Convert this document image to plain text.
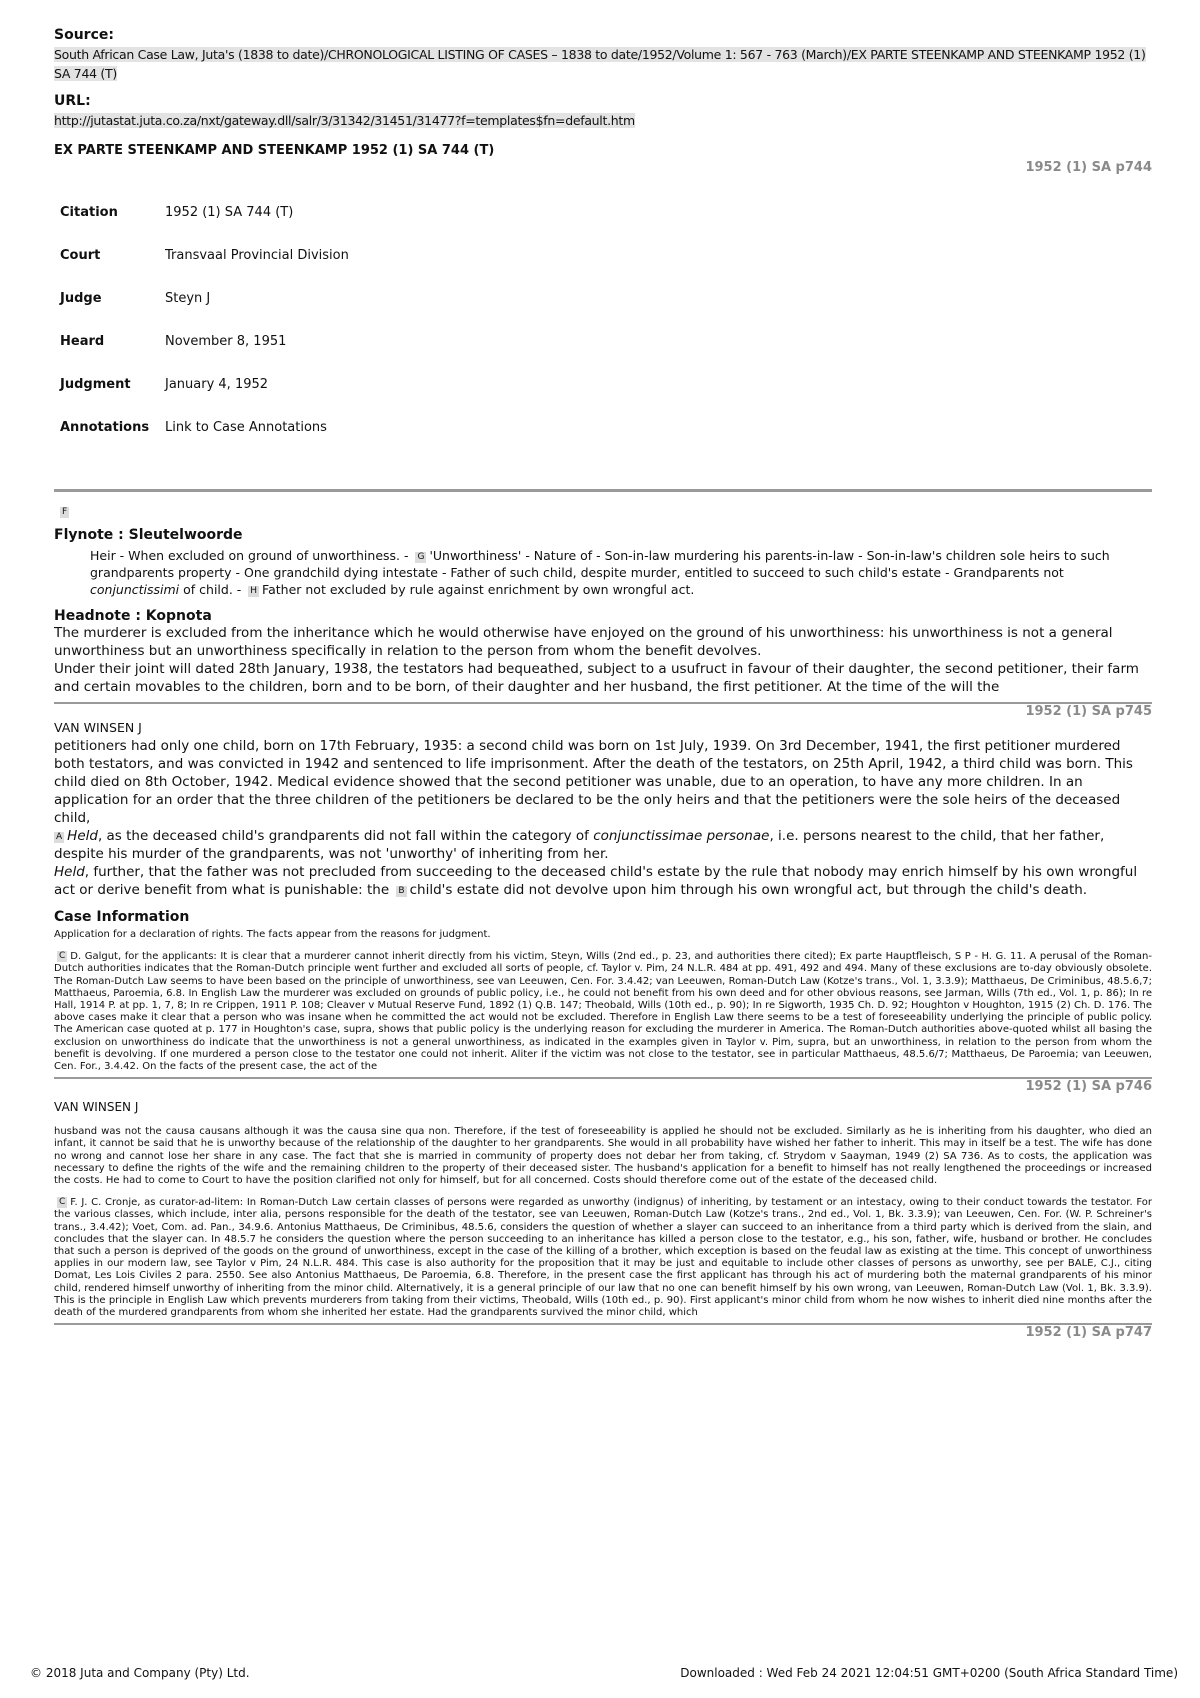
Source:

South African Case Law, Juta's (1838 to date)/CHRONOLOGICAL LISTING OF CASES – 1838 to date/1952/Volume 1: 567 - 763 (March)/EX PARTE STEENKAMP AND STEENKAMP 1952 (1) SA 744 (T)

URL:

http://jutastat.juta.co.za/nxt/gateway.dll/salr/3/31342/31451/31477?f=templates$fn=default.htm

EX PARTE STEENKAMP AND STEENKAMP 1952 (1) SA 744 (T)

1952 (1) SA p744
Citation	1952 (1) SA 744 (T)
Court	Transvaal Provincial Division
Judge	Steyn J
Heard	November 8, 1951
Judgment	January 4, 1952
Annotations	Link to Case Annotations
F
Flynote : Sleutelwoorde
Heir - When excluded on ground of unworthiness. - G 'Unworthiness' - Nature of - Son-in-law murdering his parents-in-law - Son-in-law's children sole heirs to such grandparents property - One grandchild dying intestate - Father of such child, despite murder, entitled to succeed to such child's estate - Grandparents not conjunctissimi of child. - H Father not excluded by rule against enrichment by own wrongful act.
Headnote : Kopnota
The murderer is excluded from the inheritance which he would otherwise have enjoyed on the ground of his unworthiness: his unworthiness is not a general unworthiness but an unworthiness specifically in relation to the person from whom the benefit devolves.
Under their joint will dated 28th January, 1938, the testators had bequeathed, subject to a usufruct in favour of their daughter, the second petitioner, their farm and certain movables to the children, born and to be born, of their daughter and her husband, the first petitioner. At the time of the will the
1952 (1) SA p745
VAN WINSEN J
petitioners had only one child, born on 17th February, 1935: a second child was born on 1st July, 1939. On 3rd December, 1941, the first petitioner murdered both testators, and was convicted in 1942 and sentenced to life imprisonment. After the death of the testators, on 25th April, 1942, a third child was born. This child died on 8th October, 1942. Medical evidence showed that the second petitioner was unable, due to an operation, to have any more children. In an application for an order that the three children of the petitioners be declared to be the only heirs and that the petitioners were the sole heirs of the deceased child,
A Held, as the deceased child's grandparents did not fall within the category of conjunctissimae personae, i.e. persons nearest to the child, that her father, despite his murder of the grandparents, was not 'unworthy' of inheriting from her.
Held, further, that the father was not precluded from succeeding to the deceased child's estate by the rule that nobody may enrich himself by his own wrongful act or derive benefit from what is punishable: the B child's estate did not devolve upon him through his own wrongful act, but through the child's death.
Case Information

Application for a declaration of rights. The facts appear from the reasons for judgment.

C D. Galgut, for the applicants: It is clear that a murderer cannot inherit directly from his victim, Steyn, Wills (2nd ed., p. 23, and authorities there cited); Ex parte Hauptfleisch, S P - H. G. 11. A perusal of the Roman-Dutch authorities indicates that the Roman-Dutch principle went further and excluded all sorts of people, cf. Taylor v. Pim, 24 N.L.R. 484 at pp. 491, 492 and 494. Many of these exclusions are to-day obviously obsolete. The Roman-Dutch Law seems to have been based on the principle of unworthiness, see van Leeuwen, Cen. For. 3.4.42; van Leeuwen, Roman-Dutch Law (Kotze's trans., Vol. 1, 3.3.9); Matthaeus, De Criminibus, 48.5.6,7; Matthaeus, Paroemia, 6.8. In English Law the murderer was excluded on grounds of public policy, i.e., he could not benefit from his own deed and for other obvious reasons, see Jarman, Wills (7th ed., Vol. 1, p. 86); In re Hall, 1914 P. at pp. 1, 7, 8; In re Crippen, 1911 P. 108; Cleaver v Mutual Reserve Fund, 1892 (1) Q.B. 147; Theobald, Wills (10th ed., p. 90); In re Sigworth, 1935 Ch. D. 92; Houghton v Houghton, 1915 (2) Ch. D. 176. The above cases make it clear that a person who was insane when he committed the act would not be excluded. Therefore in English Law there seems to be a test of foreseeability underlying the principle of public policy. The American case quoted at p. 177 in Houghton's case, supra, shows that public policy is the underlying reason for excluding the murderer in America. The Roman-Dutch authorities above-quoted whilst all basing the exclusion on unworthiness do indicate that the unworthiness is not a general unworthiness, as indicated in the examples given in Taylor v. Pim, supra, but an unworthiness, in relation to the person from whom the benefit is devolving. If one murdered a person close to the testator one could not inherit. Aliter if the victim was not close to the testator, see in particular Matthaeus, 48.5.6/7; Matthaeus, De Paroemia; van Leeuwen, Cen. For., 3.4.42. On the facts of the present case, the act of the

1952 (1) SA p746
VAN WINSEN J

husband was not the causa causans although it was the causa sine qua non. Therefore, if the test of foreseeability is applied he should not be excluded. Similarly as he is inheriting from his daughter, who died an infant, it cannot be said that he is unworthy because of the relationship of the daughter to her grandparents. She would in all probability have wished her father to inherit. This may in itself be a test. The wife has done no wrong and cannot lose her share in any case. The fact that she is married in community of property does not debar her from taking, cf. Strydom v Saayman, 1949 (2) SA 736. As to costs, the application was necessary to define the rights of the wife and the remaining children to the property of their deceased sister. The husband's application for a benefit to himself has not really lengthened the proceedings or increased the costs. He had to come to Court to have the position clarified not only for himself, but for all concerned. Costs should therefore come out of the estate of the deceased child.

C F. J. C. Cronje, as curator-ad-litem: In Roman-Dutch Law certain classes of persons were regarded as unworthy (indignus) of inheriting, by testament or an intestacy, owing to their conduct towards the testator. For the various classes, which include, inter alia, persons responsible for the death of the testator, see van Leeuwen, Roman-Dutch Law (Kotze's trans., 2nd ed., Vol. 1, Bk. 3.3.9); van Leeuwen, Cen. For. (W. P. Schreiner's trans., 3.4.42); Voet, Com. ad. Pan., 34.9.6. Antonius Matthaeus, De Criminibus, 48.5.6, considers the question of whether a slayer can succeed to an inheritance from a third party which is derived from the slain, and concludes that the slayer can. In 48.5.7 he considers the question where the person succeeding to an inheritance has killed a person close to the testator, e.g., his son, father, wife, husband or brother. He concludes that such a person is deprived of the goods on the ground of unworthiness, except in the case of the killing of a brother, which exception is based on the feudal law as existing at the time. This concept of unworthiness applies in our modern law, see Taylor v Pim, 24 N.L.R. 484. This case is also authority for the proposition that it may be just and equitable to include other classes of persons as unworthy, see per BALE, C.J., citing Domat, Les Lois Civiles 2 para. 2550. See also Antonius Matthaeus, De Paroemia, 6.8. Therefore, in the present case the first applicant has through his act of murdering both the maternal grandparents of his minor child, rendered himself unworthy of inheriting from the minor child. Alternatively, it is a general principle of our law that no one can benefit himself by his own wrong, van Leeuwen, Roman-Dutch Law (Vol. 1, Bk. 3.3.9). This is the principle in English Law which prevents murderers from taking from their victims, Theobald, Wills (10th ed., p. 90). First applicant's minor child from whom he now wishes to inherit died nine months after the death of the murdered grandparents from whom she inherited her estate. Had the grandparents survived the minor child, which

1952 (1) SA p747
© 2018 Juta and Company (Pty) Ltd.	Downloaded : Wed Feb 24 2021 12:04:51 GMT+0200 (South Africa Standard Time)
